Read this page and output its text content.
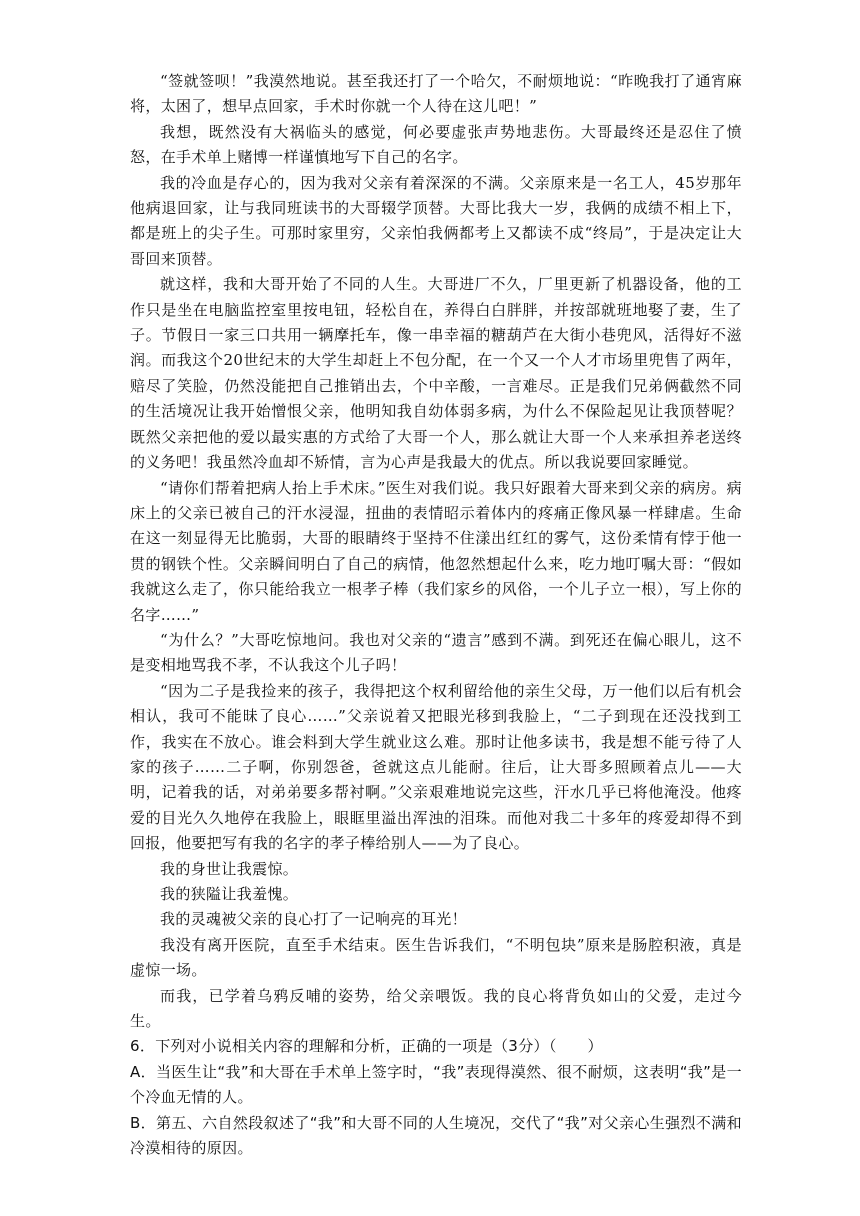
“签就签呗！”我漠然地说。甚至我还打了一个哈欠，不耐烦地说：“昨晚我打了通宵麻将，太困了，想早点回家，手术时你就一个人待在这儿吧！”

我想，既然没有大祸临头的感觉，何必要虚张声势地悲伤。大哥最终还是忍住了愤怒，在手术单上赌博一样谨慎地写下自己的名字。

我的冷血是存心的，因为我对父亲有着深深的不满。父亲原来是一名工人，45岁那年他病退回家，让与我同班读书的大哥辍学顶替。大哥比我大一岁，我俩的成绩不相上下，都是班上的尖子生。可那时家里穷，父亲怕我俩都考上又都读不成“终局”，于是决定让大哥回来顶替。

就这样，我和大哥开始了不同的人生。大哥进厂不久，厂里更新了机器设备，他的工作只是坐在电脑监控室里按电钮，轻松自在，养得白白胖胖，并按部就班地娶了妻，生了子。节假日一家三口共用一辆摩托车，像一串幸福的糖葫芦在大街小巷兜风，活得好不滋润。而我这个20世纪末的大学生却赶上不包分配，在一个又一个人才市场里兜售了两年，赔尽了笑脸，仍然没能把自己推销出去，个中辛酸，一言难尽。正是我们兄弟俩截然不同的生活境况让我开始憎恨父亲，他明知我自幼体弱多病，为什么不保险起见让我顶替呢？既然父亲把他的爱以最实惠的方式给了大哥一个人，那么就让大哥一个人来承担养老送终的义务吧！我虽然冷血却不矫情，言为心声是我最大的优点。所以我说要回家睡觉。

“请你们帮着把病人抬上手术床。”医生对我们说。我只好跟着大哥来到父亲的病房。病床上的父亲已被自己的汗水浸湿，扭曲的表情昭示着体内的疼痛正像风暴一样肆虐。生命在这一刻显得无比脆弱，大哥的眼睛终于坚持不住漾出红红的雾气，这份柔情有悖于他一贯的钢铁个性。父亲瞬间明白了自己的病情，他忽然想起什么来，吃力地叮嘱大哥：“假如我就这么走了，你只能给我立一根孝子棒（我们家乡的风俗，一个儿子立一根），写上你的名字……”

“为什么？”大哥吃惊地问。我也对父亲的“遗言”感到不满。到死还在偏心眼儿，这不是变相地骂我不孝，不认我这个儿子吗！

“因为二子是我捡来的孩子，我得把这个权利留给他的亲生父母，万一他们以后有机会相认，我可不能昧了良心……”父亲说着又把眼光移到我脸上，“二子到现在还没找到工作，我实在不放心。谁会料到大学生就业这么难。那时让他多读书，我是想不能亏待了人家的孩子……二子啊，你别怨爸，爸就这点儿能耐。往后，让大哥多照顾着点儿——大明，记着我的话，对弟弟要多帮衬啊。”父亲艰难地说完这些，汗水几乎已将他淹没。他疼爱的目光久久地停在我脸上，眼眶里溢出浑浊的泪珠。而他对我二十多年的疼爱却得不到回报，他要把写有我的名字的孝子棒给别人——为了良心。

我的身世让我震惊。

我的狭隘让我羞愧。

我的灵魂被父亲的良心打了一记响亮的耳光！

我没有离开医院，直至手术结束。医生告诉我们，“不明包块”原来是肠腔积液，真是虚惊一场。

而我，已学着乌鸦反哺的姿势，给父亲喂饭。我的良心将背负如山的父爱，走过今生。

6．下列对小说相关内容的理解和分析，正确的一项是（3分）（　　）

A．当医生让“我”和大哥在手术单上签字时，“我”表现得漠然、很不耐烦，这表明“我”是一个冷血无情的人。

B．第五、六自然段叙述了“我”和大哥不同的人生境况，交代了“我”对父亲心生强烈不满和冷漠相待的原因。
